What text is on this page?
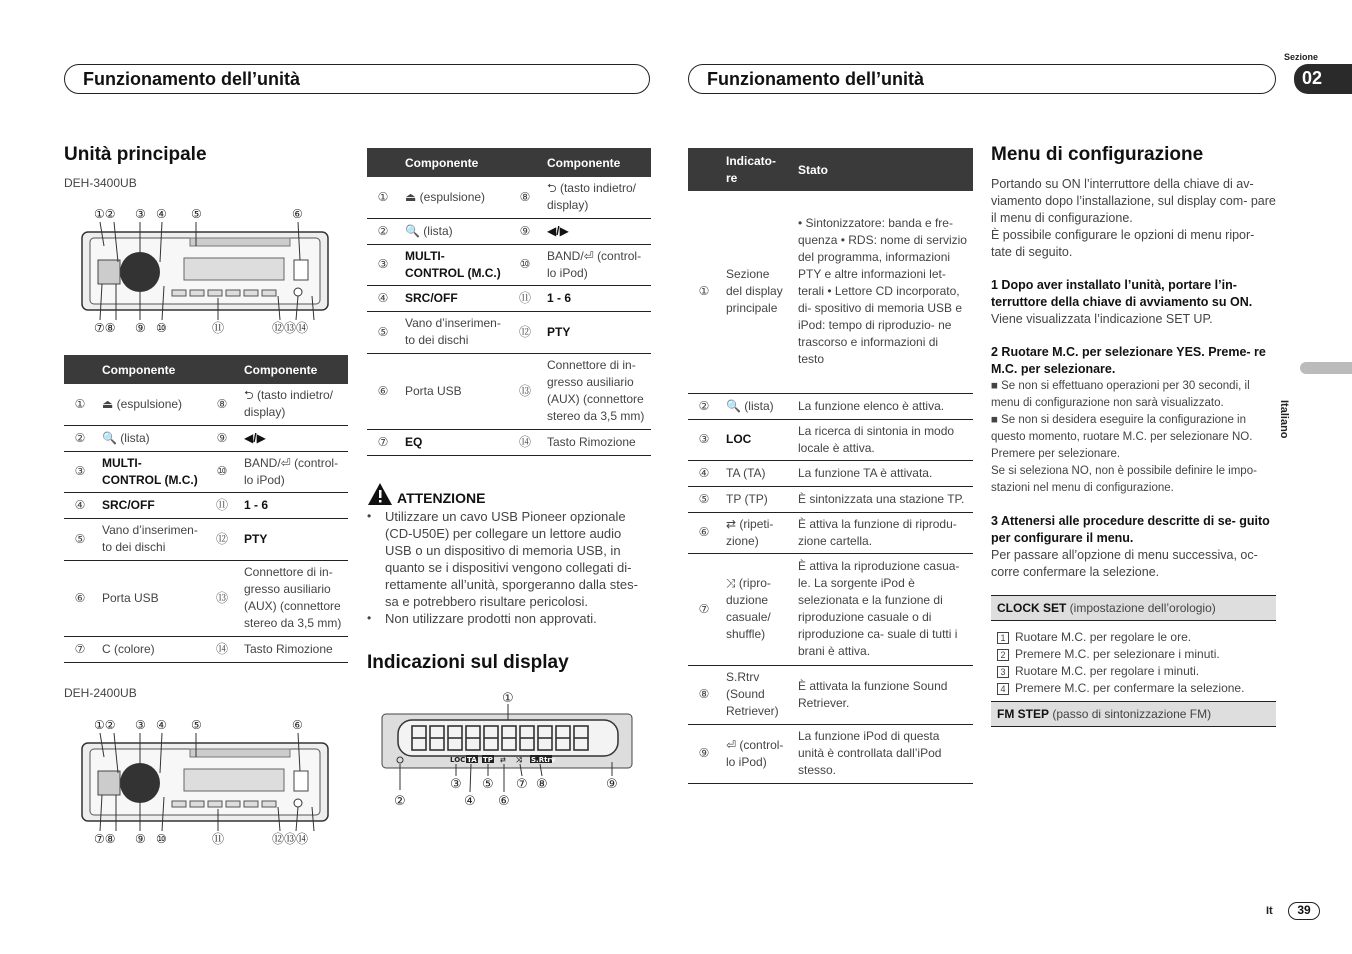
Funzionamento dell’unità	Funzionamento dell’unità
Sezione
02
Italiano
Unità principale
DEH-3400UB
①② ③ ④ ⑤	⑥
⑦⑧ ⑨ ⑩	⑪	⑫⑬⑭
	Componente		Componente
①	⏏ (espulsione)	⑧	⮌ (tasto indietro/ display)
②	🔍 (lista)	⑨	◀/▶
③	MULTI-CONTROL (M.C.)	⑩	BAND/⏎ (control- lo iPod)
④	SRC/OFF	⑪	1 - 6
⑤	Vano d’inserimen- to dei dischi	⑫	PTY
⑥	Porta USB	⑬	Connettore di in- gresso ausiliario (AUX) (connettore stereo da 3,5 mm)
⑦	C (colore)	⑭	Tasto Rimozione
DEH-2400UB
①② ③ ④ ⑤	⑥
⑦⑧ ⑨ ⑩	⑪	⑫⑬⑭
	Componente		Componente
①	⏏ (espulsione)	⑧	⮌ (tasto indietro/ display)
②	🔍 (lista)	⑨	◀/▶
③	MULTI-CONTROL (M.C.)	⑩	BAND/⏎ (control- lo iPod)
④	SRC/OFF	⑪	1 - 6
⑤	Vano d’inserimen- to dei dischi	⑫	PTY
⑥	Porta USB	⑬	Connettore di in- gresso ausiliario (AUX) (connettore stereo da 3,5 mm)
⑦	EQ	⑭	Tasto Rimozione
ATTENZIONE
•	Utilizzare un cavo USB Pioneer opzionale (CD-U50E) per collegare un lettore audio USB o un dispositivo di memoria USB, in quanto se i dispositivi vengono collegati di- rettamente all’unità, sporgeranno dalla stes- sa e potrebbero risultare pericolosi.
•	Non utilizzare prodotti non approvati.
Indicazioni sul display
①
②
③
④
⑤
⑥
⑦ ⑧	⑨
LOC TA TP ⇄ ⤨ S.Rtrv
	Indicato- re	Stato
①	Sezione del display principale	• Sintonizzatore: banda e fre- quenza • RDS: nome di servizio del programma, informazioni PTY e altre informazioni let- terali • Lettore CD incorporato, di- spositivo di memoria USB e iPod: tempo di riproduzio- ne trascorso e informazioni di testo
②	🔍 (lista)	La funzione elenco è attiva.
③	LOC	La ricerca di sintonia in modo locale è attiva.
④	TA (TA)	La funzione TA è attivata.
⑤	TP (TP)	È sintonizzata una stazione TP.
⑥	⇄ (ripeti- zione)	È attiva la funzione di riprodu- zione cartella.
⑦	⤨ (ripro- duzione casuale/ shuffle)	È attiva la riproduzione casua- le. La sorgente iPod è selezionata e la funzione di riproduzione casuale o di riproduzione ca- suale di tutti i brani è attiva.
⑧	S.Rtrv (Sound Retriever)	È attivata la funzione Sound Retriever.
⑨	⏎ (control- lo iPod)	La funzione iPod di questa unità è controllata dall’iPod stesso.
Menu di configurazione
Portando su ON l’interruttore della chiave di av- viamento dopo l’installazione, sul display com- pare il menu di configurazione.
È possibile configurare le opzioni di menu ripor- tate di seguito.
1 Dopo aver installato l’unità, portare l’in- terruttore della chiave di avviamento su ON.
Viene visualizzata l’indicazione SET UP.
2 Ruotare M.C. per selezionare YES. Preme- re M.C. per selezionare.
■ Se non si effettuano operazioni per 30 secondi, il menu di configurazione non sarà visualizzato.
■ Se non si desidera eseguire la configurazione in questo momento, ruotare M.C. per selezionare NO. Premere per selezionare.
Se si seleziona NO, non è possibile definire le impo- stazioni nel menu di configurazione.
3 Attenersi alle procedure descritte di se- guito per configurare il menu.
Per passare all’opzione di menu successiva, oc- corre confermare la selezione.
CLOCK SET (impostazione dell’orologio)
1 Ruotare M.C. per regolare le ore.
2 Premere M.C. per selezionare i minuti.
3 Ruotare M.C. per regolare i minuti.
4 Premere M.C. per confermare la selezione.
FM STEP (passo di sintonizzazione FM)
It	39
